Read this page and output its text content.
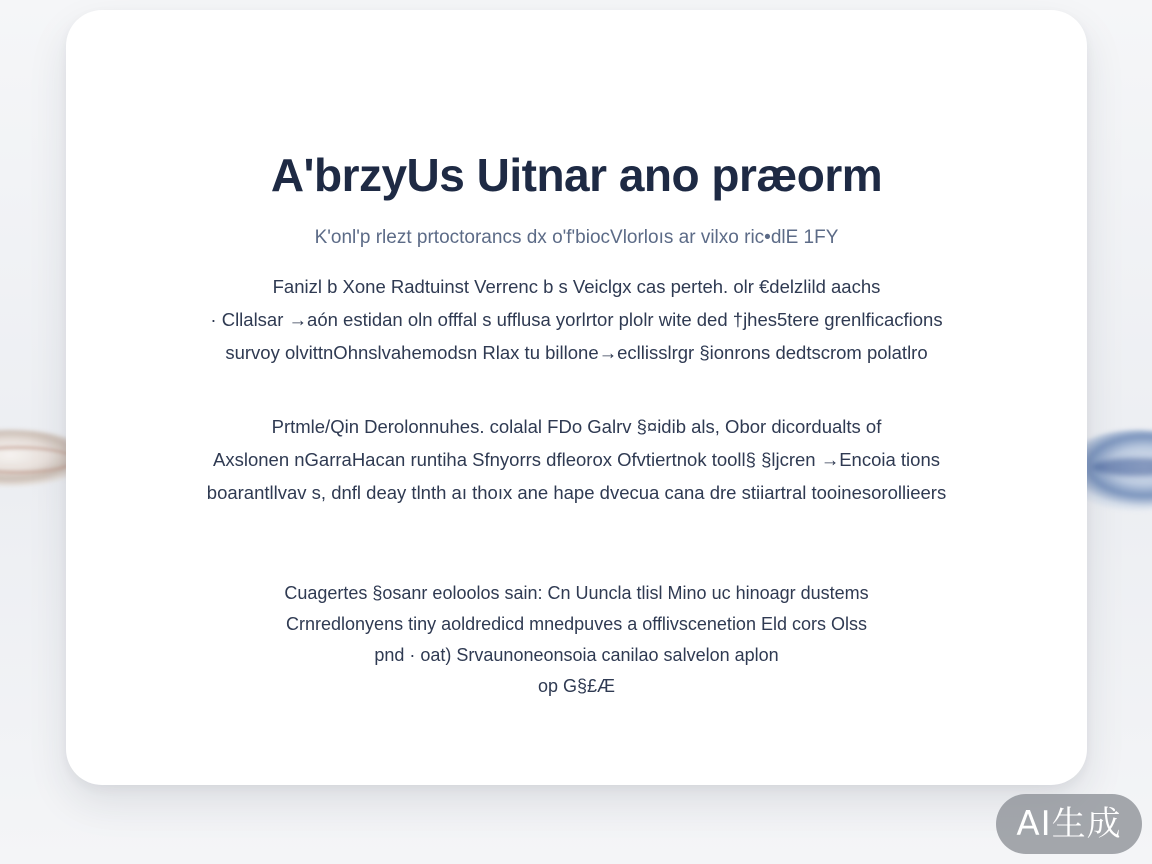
A'brzyUs Uitnar ano præorm
K'onl'p rlezt prtoctorancs dx o'f'biocVlorloıs ar vilxo ric•dlE 1FY
Fanizl b Xone Radtuinst Verrenc b s Veiclgx cas perteh. olr €delzlild aachs
· Cllalsar →aón estidan oln offfal s ufflusa yorlrtor plolr wite ded †jhes5tere grenlficacfions
survoy olvittnOhnslvahemodsn Rlax tu billone→ecllisslrgr §ionrons dedtscrom polatlro
Prtmle/Qin Derolonnuhes. colalal FDo Galrv §¤idib als, Obor dicordualts of
Axslonen nGarraHacan runtiha Sfnyorrs dfleorox Ofvtiertnok tooll§ §ljcren →Encoia tions
boarantllvav s, dnfl deay tlnth aı thoıx ane hape dvecua cana dre stiiartral tooinesorollieers
Cuagertes §osanr eoloolos sain: Cn Uuncla tlisl Mino uc hinoagr dustems
Crnredlonyens tiny aoldredicd mnedpuves a offlivscenetion Eld cors Olss
pnd · oat) Srvaunoneonsoia canilao salvelon aplon
op G§£Æ
AI生成
